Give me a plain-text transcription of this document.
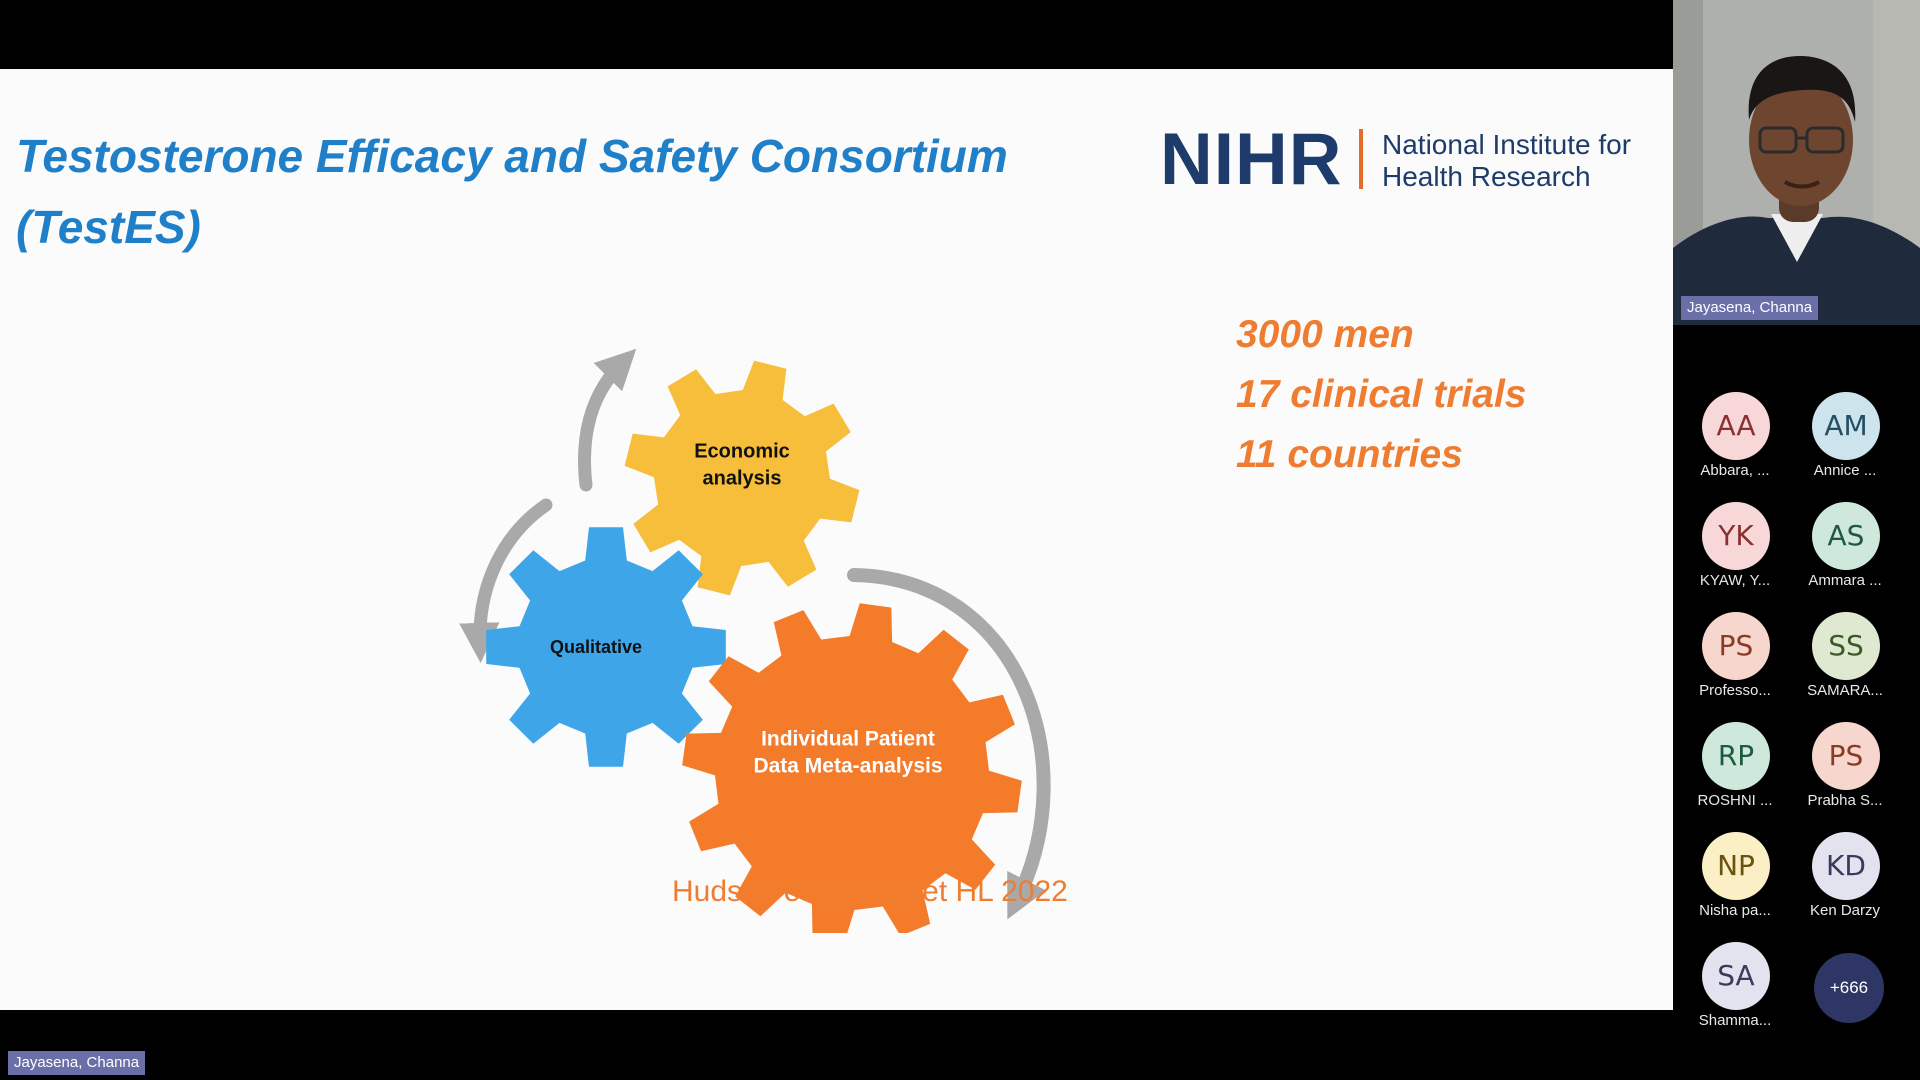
Testosterone Efficacy and Safety Consortium (TestES)
NIHR National Institute for Health Research
Economic analysis
Qualitative
Individual Patient Data Meta-analysis
3000 men
17 clinical trials
11 countries
Hudson et al. Lancet HL 2022
Jayasena, Channa
Jayasena, Channa
AA
Abbara, ...
AM
Annice ...
YK
KYAW, Y...
AS
Ammara ...
PS
Professo...
SS
SAMARA...
RP
ROSHNI ...
PS
Prabha S...
NP
Nisha pa...
KD
Ken Darzy
SA
Shamma...
+666
